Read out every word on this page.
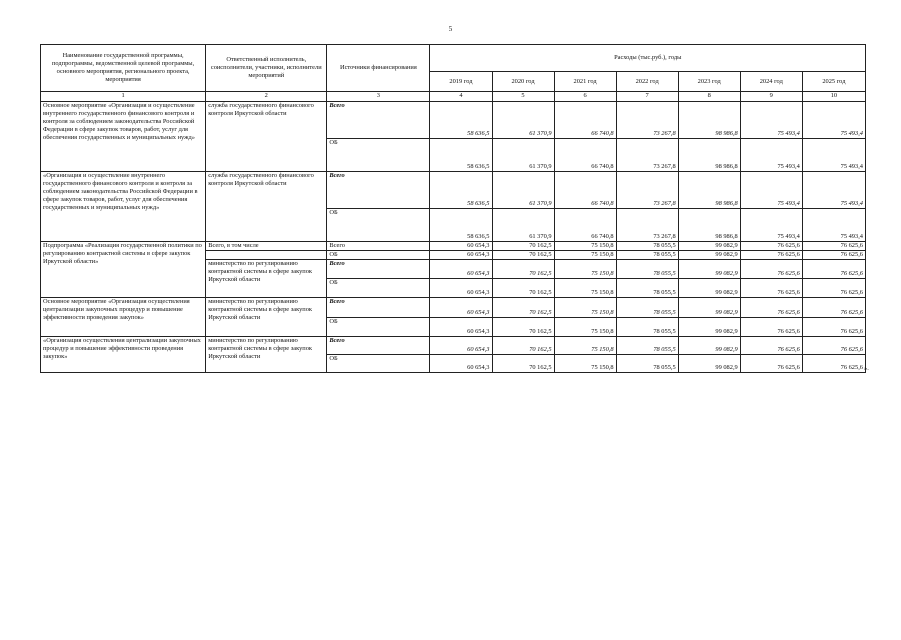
5
Наименование государственной программы, подпрограммы, ведомственной целевой программы, основного мероприятия, регионального проекта, мероприятия	Ответственный исполнитель, соисполнители, участники, исполнители мероприятий	Источники финансирования	Расходы (тыс.руб.), годы						
			2019 год	2020 год	2021 год	2022 год	2023 год	2024 год	2025 год
1	2	3	4	5	6	7	8	9	10
Основное мероприятие «Организация и осуществление внутреннего государственного финансового контроля и контроля за соблюдением законодательства Российской Федерации в сфере закупок товаров, работ, услуг для обеспечения государственных и муниципальных нужд»	служба государственного финансового контроля Иркутской области	Всего	58 636,5	61 370,9	66 740,8	73 267,8	98 986,8	75 493,4	75 493,4
		ОБ	58 636,5	61 370,9	66 740,8	73 267,8	98 986,8	75 493,4	75 493,4
«Организация и осуществление внутреннего государственного финансового контроля и контроля за соблюдением законодательства Российской Федерации в сфере закупок товаров, работ, услуг для обеспечения государственных и муниципальных нужд»	служба государственного финансового контроля Иркутской области	Всего	58 636,5	61 370,9	66 740,8	73 267,8	98 986,8	75 493,4	75 493,4
		ОБ	58 636,5	61 370,9	66 740,8	73 267,8	98 986,8	75 493,4	75 493,4
Подпрограмма «Реализация государственной политики по регулированию контрактной системы в сфере закупок Иркутской области»	Всего, в том числе	Всего	60 654,3	70 162,5	75 150,8	78 055,5	99 082,9	76 625,6	76 625,6
		ОБ	60 654,3	70 162,5	75 150,8	78 055,5	99 082,9	76 625,6	76 625,6
	министерство по регулированию контрактной системы в сфере закупок Иркутской области	Всего	60 654,3	70 162,5	75 150,8	78 055,5	99 082,9	76 625,6	76 625,6
		ОБ	60 654,3	70 162,5	75 150,8	78 055,5	99 082,9	76 625,6	76 625,6
Основное мероприятие «Организация осуществления централизации закупочных процедур и повышение эффективности проведения закупок»	министерство по регулированию контрактной системы в сфере закупок Иркутской области	Всего	60 654,3	70 162,5	75 150,8	78 055,5	99 082,9	76 625,6	76 625,6
		ОБ	60 654,3	70 162,5	75 150,8	78 055,5	99 082,9	76 625,6	76 625,6
«Организация осуществления централизации закупочных процедур и повышение эффективности проведения закупок»	министерство по регулированию контрактной системы в сфере закупок Иркутской области	Всего	60 654,3	70 162,5	75 150,8	78 055,5	99 082,9	76 625,6	76 625,6
		ОБ	60 654,3	70 162,5	75 150,8	78 055,5	99 082,9	76 625,6	76 625,6 ».
